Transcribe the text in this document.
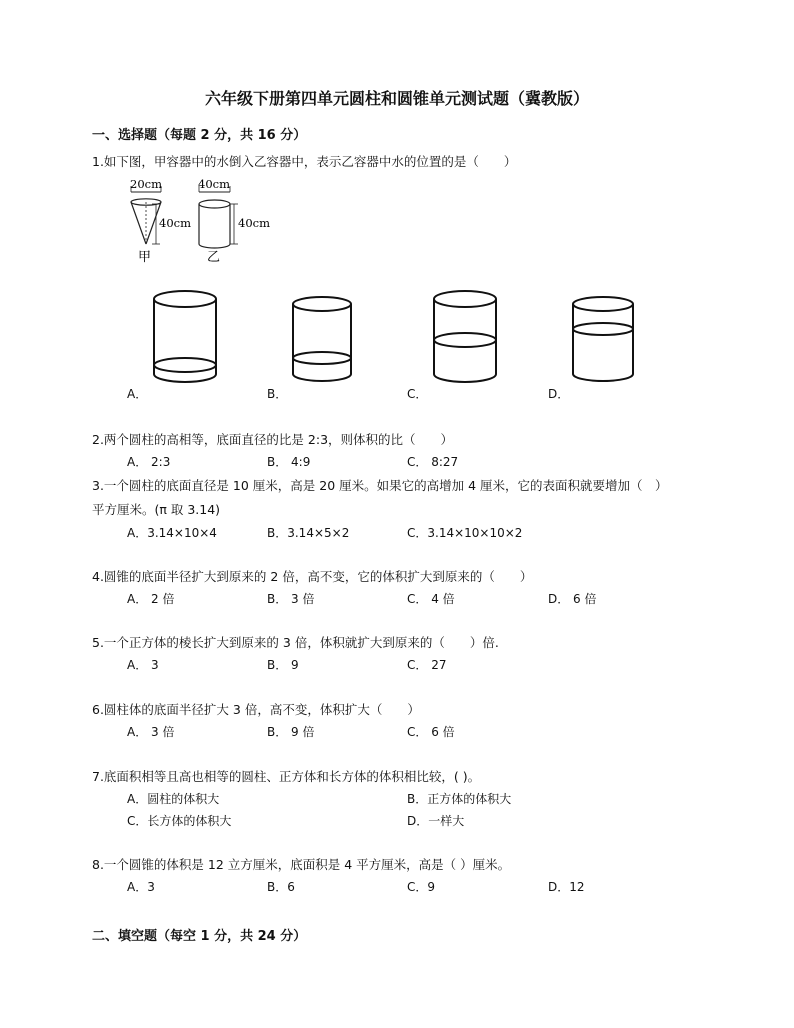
六年级下册第四单元圆柱和圆锥单元测试题（冀教版）
一、选择题（每题 2 分，共 16 分）
1.如下图，甲容器中的水倒入乙容器中，表示乙容器中水的位置的是（　　）
20cm
40cm
甲
40cm
40cm
乙
A．	B．	C．	D．
2.两个圆柱的高相等，底面直径的比是 2:3，则体积的比（　　）
A． 2:3	B． 4:9	C． 8:27
3.一个圆柱的底面直径是 10 厘米，高是 20 厘米。如果它的高增加 4 厘米，它的表面积就要增加（　）
平方厘米。(π 取 3.14)
A．3.14×10×4	B．3.14×5×2	C．3.14×10×10×2
4.圆锥的底面半径扩大到原来的 2 倍，高不变，它的体积扩大到原来的（　　）
A． 2 倍	B． 3 倍	C． 4 倍	D． 6 倍
5.一个正方体的棱长扩大到原来的 3 倍，体积就扩大到原来的（　　）倍.
A． 3	B． 9	C． 27
6.圆柱体的底面半径扩大 3 倍，高不变，体积扩大（　　）
A． 3 倍	B． 9 倍	C． 6 倍
7.底面积相等且高也相等的圆柱、正方体和长方体的体积相比较，( )。
A．圆柱的体积大	B．正方体的体积大
C．长方体的体积大	D．一样大
8.一个圆锥的体积是 12 立方厘米，底面积是 4 平方厘米，高是（ ）厘米。
A．3	B．6	C．9	D．12
二、填空题（每空 1 分，共 24 分）
